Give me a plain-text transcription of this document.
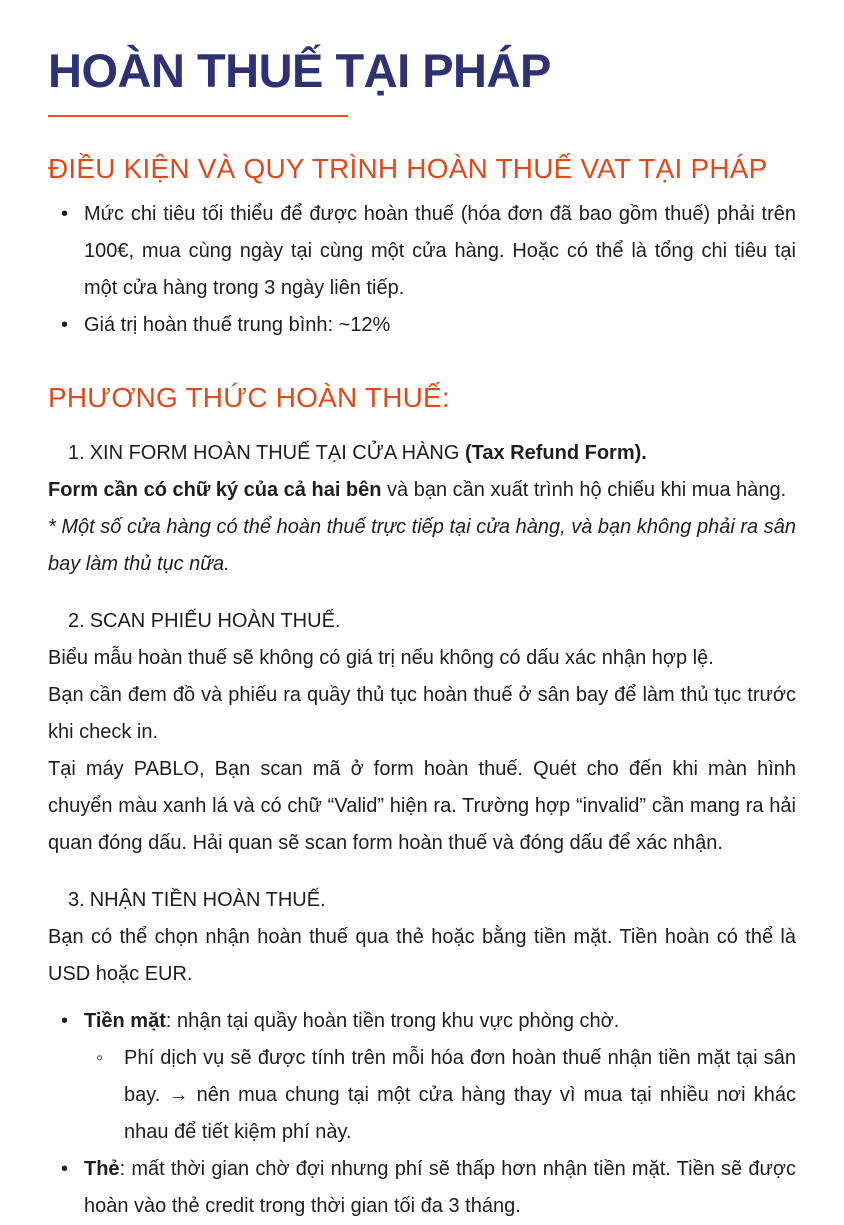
HOÀN THUẾ TẠI PHÁP
ĐIỀU KIỆN VÀ QUY TRÌNH HOÀN THUẾ VAT TẠI PHÁP
• Mức chi tiêu tối thiểu để được hoàn thuế (hóa đơn đã bao gồm thuế) phải trên 100€, mua cùng ngày tại cùng một cửa hàng. Hoặc có thể là tổng chi tiêu tại một cửa hàng trong 3 ngày liên tiếp.
• Giá trị hoàn thuế trung bình: ~12%
PHƯƠNG THỨC HOÀN THUẾ:
1. XIN FORM HOÀN THUẾ TẠI CỬA HÀNG (Tax Refund Form).

Form cần có chữ ký của cả hai bên và bạn cần xuất trình hộ chiếu khi mua hàng.

* Một số cửa hàng có thể hoàn thuế trực tiếp tại cửa hàng, và bạn không phải ra sân bay làm thủ tục nữa.

2. SCAN PHIẾU HOÀN THUẾ.

Biểu mẫu hoàn thuế sẽ không có giá trị nếu không có dấu xác nhận hợp lệ.

Bạn cần đem đồ và phiếu ra quầy thủ tục hoàn thuế ở sân bay để làm thủ tục trước khi check in.

Tại máy PABLO, Bạn scan mã ở form hoàn thuế. Quét cho đến khi màn hình chuyển màu xanh lá và có chữ “Valid” hiện ra. Trường hợp “invalid” cần mang ra hải quan đóng dấu. Hải quan sẽ scan form hoàn thuế và đóng dấu để xác nhận.

3. NHẬN TIỀN HOÀN THUẾ.

Bạn có thể chọn nhận hoàn thuế qua thẻ hoặc bằng tiền mặt. Tiền hoàn có thể là USD hoặc EUR.

• Tiền mặt: nhận tại quầy hoàn tiền trong khu vực phòng chờ.
◦ Phí dịch vụ sẽ được tính trên mỗi hóa đơn hoàn thuế nhận tiền mặt tại sân bay. → nên mua chung tại một cửa hàng thay vì mua tại nhiều nơi khác nhau để tiết kiệm phí này.
• Thẻ: mất thời gian chờ đợi nhưng phí sẽ thấp hơn nhận tiền mặt. Tiền sẽ được hoàn vào thẻ credit trong thời gian tối đa 3 tháng.
